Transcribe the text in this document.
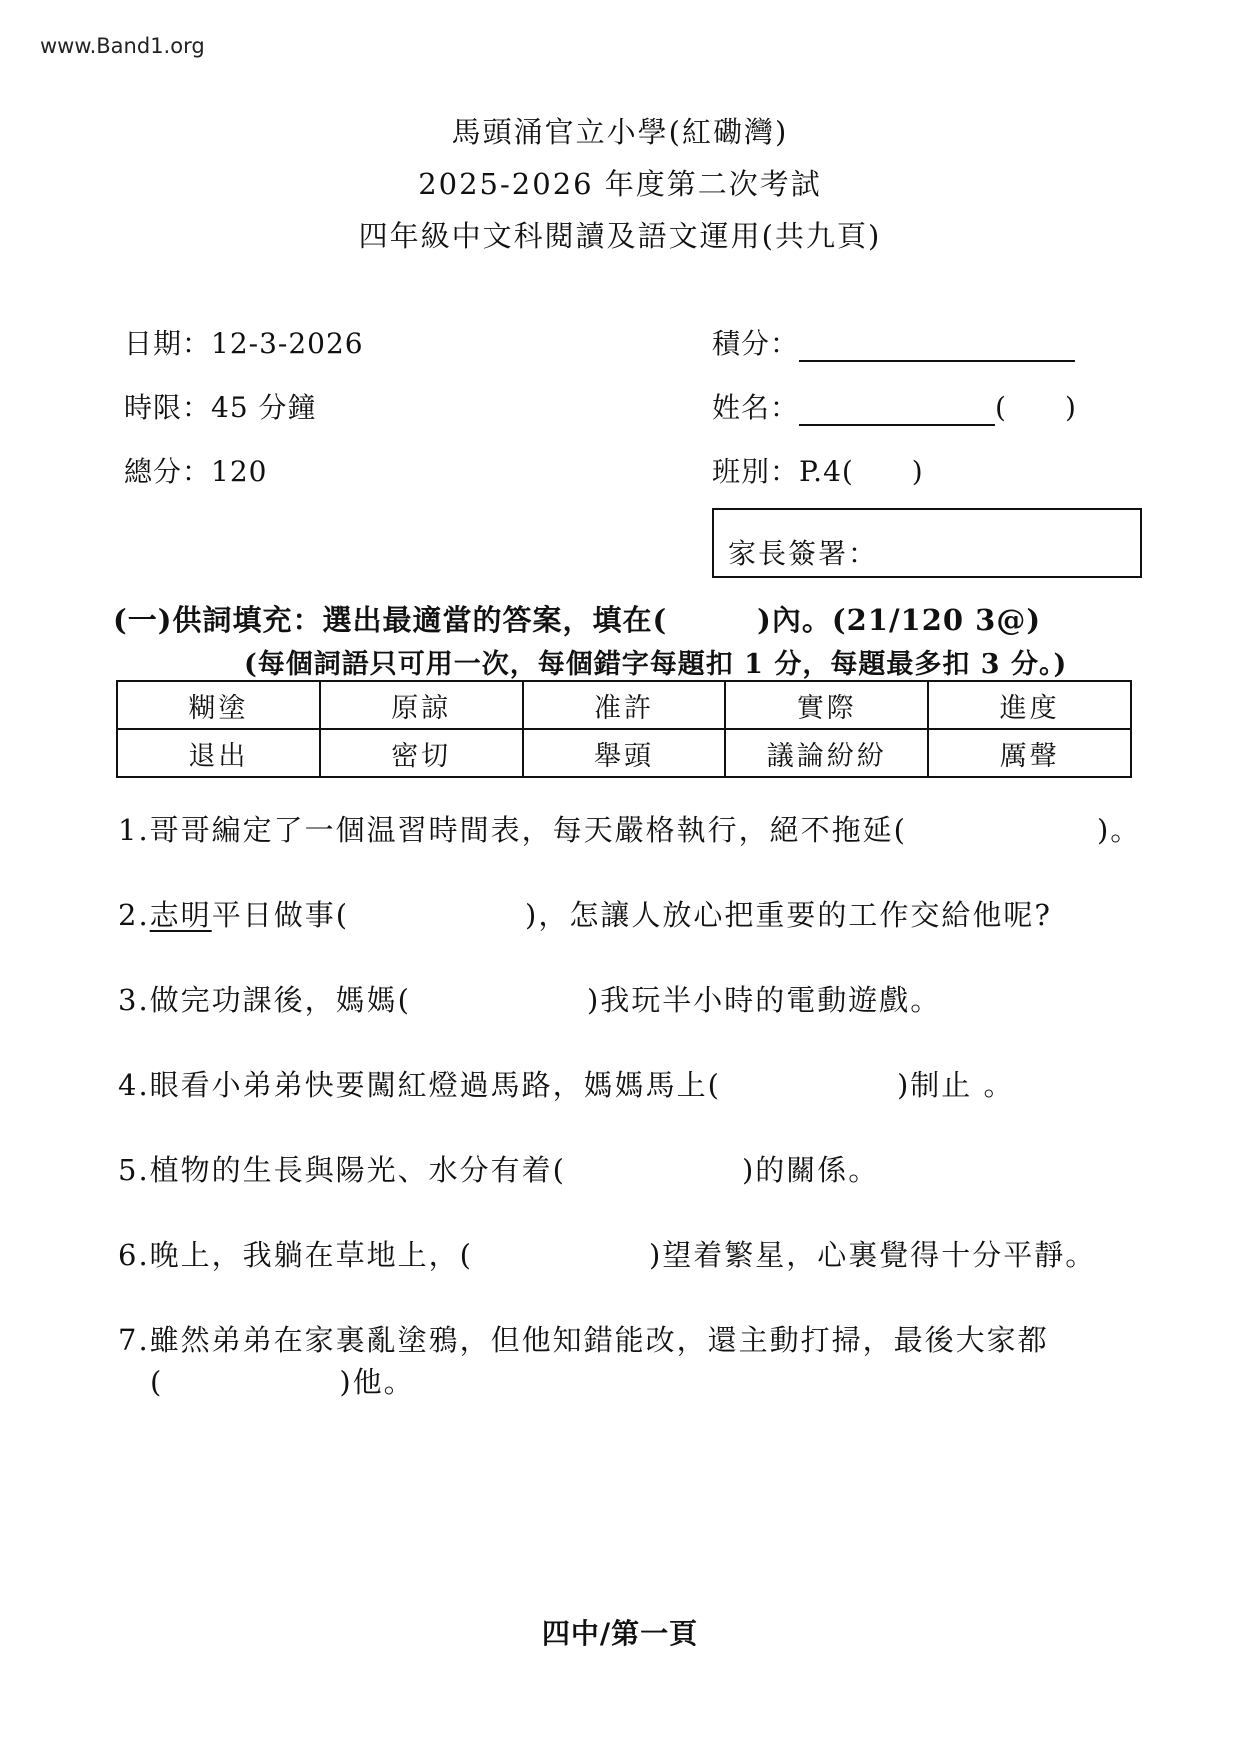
www.Band1.org
馬頭涌官立小學(紅磡灣)
2025-2026 年度第二次考試
四年級中文科閱讀及語文運用(共九頁)
日期：12-3-2026
時限：45 分鐘
總分：120
積分：
姓名：	(　　)
班別：P.4(　　)
家長簽署：
(一)供詞填充：選出最適當的答案，填在(　　　)內。(21/120 3@)
(每個詞語只可用一次，每個錯字每題扣 1 分，每題最多扣 3 分。)
糊塗	原諒	准許	實際	進度
退出	密切	舉頭	議論紛紛	厲聲
1.哥哥編定了一個温習時間表，每天嚴格執行，絕不拖延(	)。
2.志明平日做事(	)，怎讓人放心把重要的工作交給他呢?
3.做完功課後，媽媽(	)我玩半小時的電動遊戲。
4.眼看小弟弟快要闖紅燈過馬路，媽媽馬上(	)制止 。
5.植物的生長與陽光、水分有着(	)的關係。
6.晚上，我躺在草地上，(	)望着繁星，心裏覺得十分平靜。
7.雖然弟弟在家裏亂塗鴉，但他知錯能改，還主動打掃，最後大家都
(	)他。
四中/第一頁
